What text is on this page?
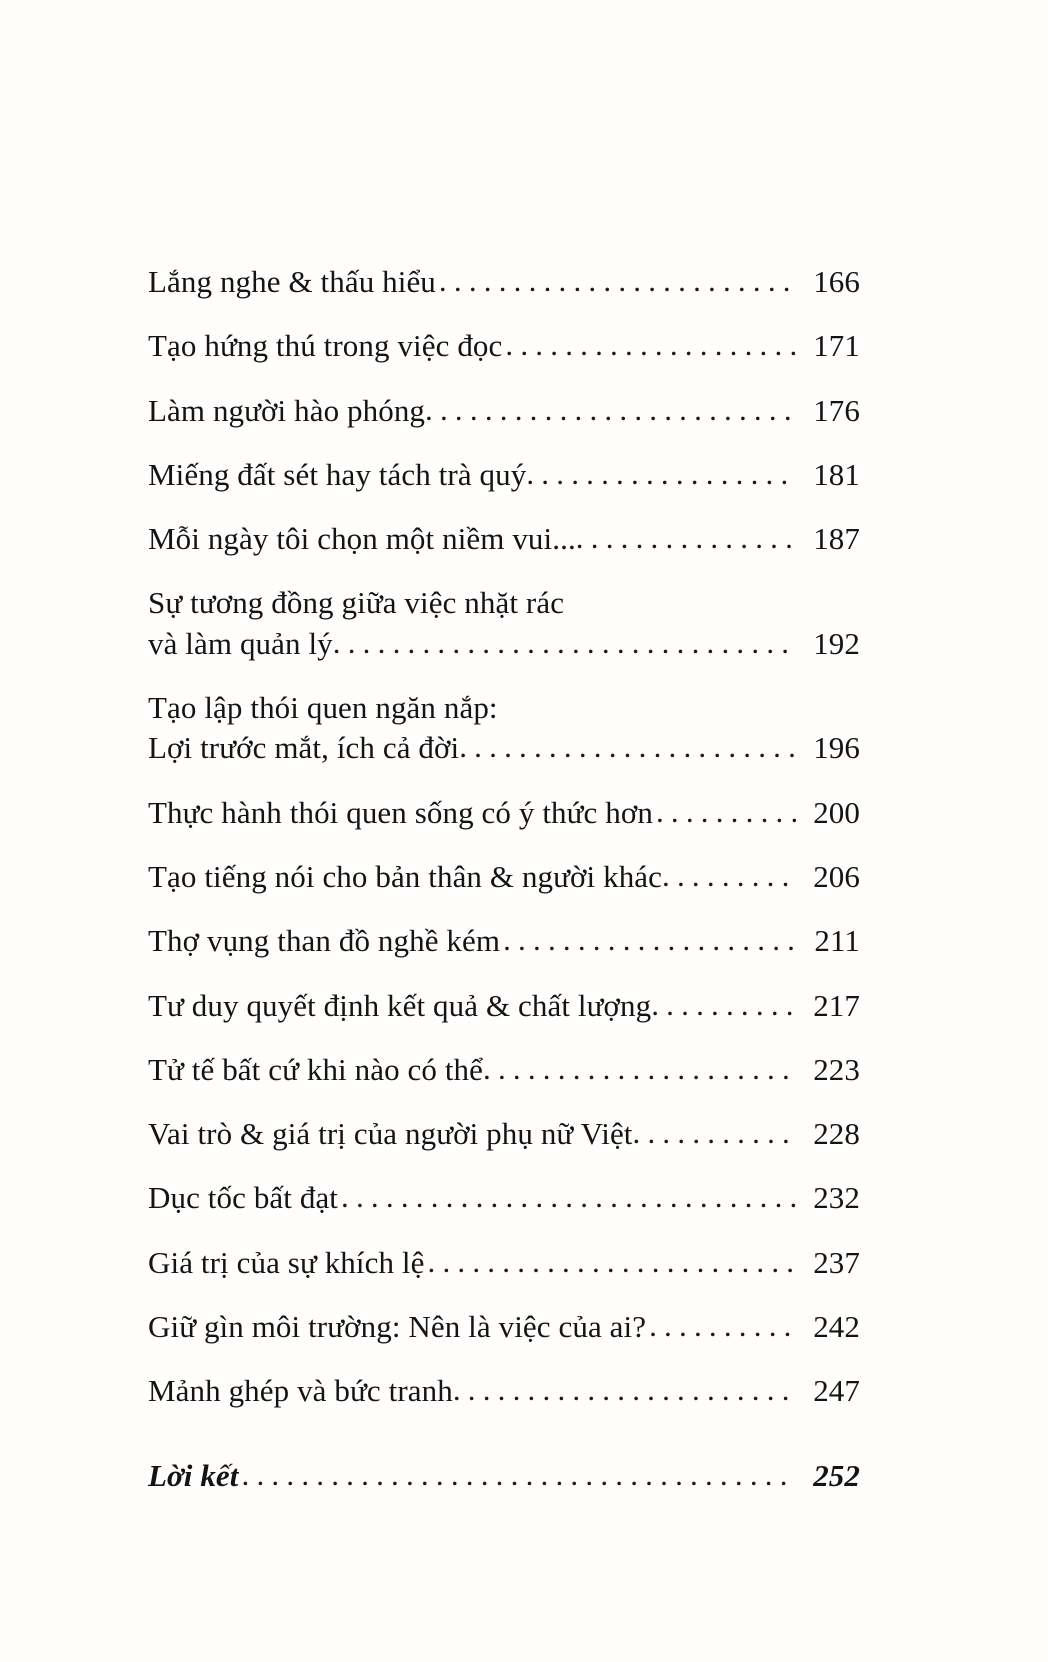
Lắng nghe & thấu hiểu .....	166
Tạo hứng thú trong việc đọc .....	171
Làm người hào phóng .....	176
Miếng đất sét hay tách trà quý .....	181
Mỗi ngày tôi chọn một niềm vui... .....	187
Sự tương đồng giữa việc nhặt rác
và làm quản lý .....	192
Tạo lập thói quen ngăn nắp:
Lợi trước mắt, ích cả đời .....	196
Thực hành thói quen sống có ý thức hơn .....	200
Tạo tiếng nói cho bản thân & người khác .....	206
Thợ vụng than đồ nghề kém .....	211
Tư duy quyết định kết quả & chất lượng .....	217
Tử tế bất cứ khi nào có thể .....	223
Vai trò & giá trị của người phụ nữ Việt .....	228
Dục tốc bất đạt .....	232
Giá trị của sự khích lệ .....	237
Giữ gìn môi trường: Nên là việc của ai? .....	242
Mảnh ghép và bức tranh .....	247
Lời kết .....	252
